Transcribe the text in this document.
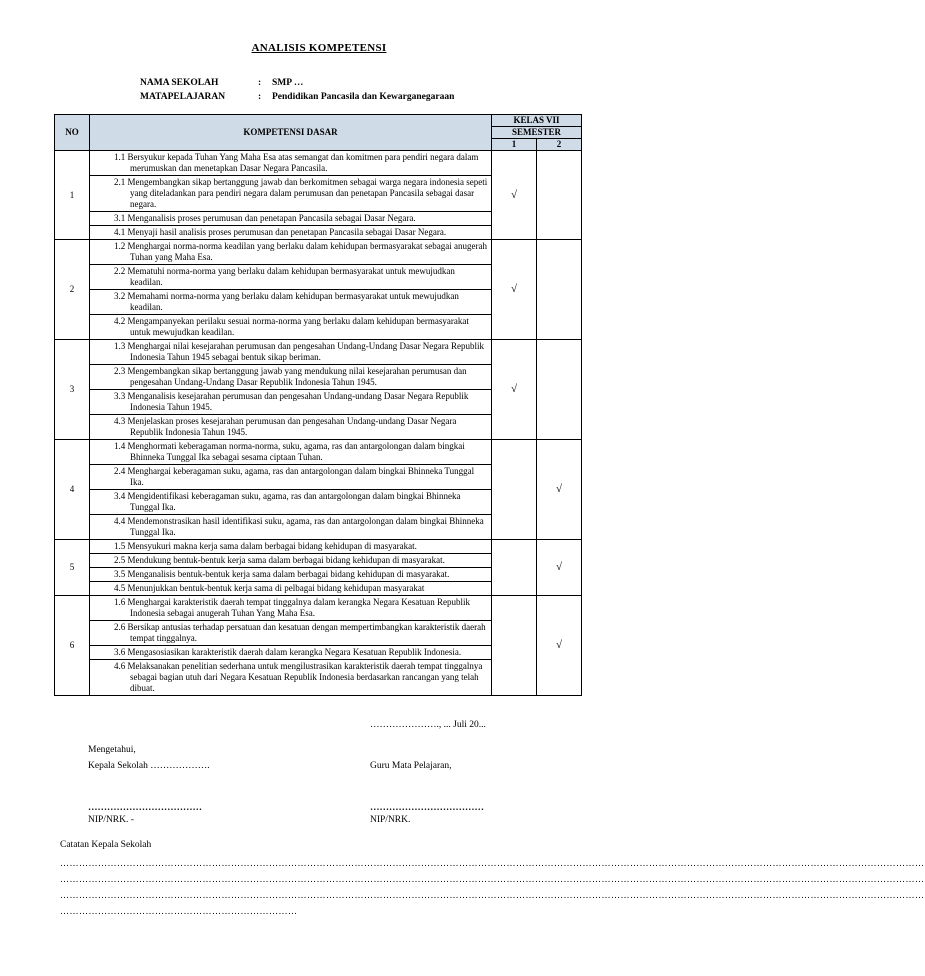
ANALISIS KOMPETENSI
NAMA SEKOLAH	: SMP …
MATAPELAJARAN	: Pendidikan Pancasila dan Kewarganegaraan
NO	KOMPETENSI DASAR	KELAS VII	
		SEMESTER	
		1	2
1	1.1 Bersyukur kepada Tuhan Yang Maha Esa atas semangat dan komitmen para pendiri negara dalam merumuskan dan menetapkan Dasar Negara Pancasila.
2.1 Mengembangkan sikap bertanggung jawab dan berkomitmen sebagai warga negara indonesia sepeti yang diteladankan para pendiri negara dalam perumusan dan penetapan Pancasila sebagai dasar negara.
3.1 Menganalisis proses perumusan dan penetapan Pancasila sebagai Dasar Negara.
4.1 Menyaji hasil analisis proses perumusan dan penetapan Pancasila sebagai Dasar Negara.	√	
2	1.2 Menghargai norma-norma keadilan yang berlaku dalam kehidupan bermasyarakat sebagai anugerah Tuhan yang Maha Esa.
2.2 Mematuhi norma-norma yang berlaku dalam kehidupan bermasyarakat untuk mewujudkan keadilan.
3.2 Memahami norma-norma yang berlaku dalam kehidupan bermasyarakat untuk mewujudkan keadilan.
4.2 Mengampanyekan perilaku sesuai norma-norma yang berlaku dalam kehidupan bermasyarakat untuk mewujudkan keadilan.	√	
3	1.3 Menghargai nilai kesejarahan perumusan dan pengesahan Undang-Undang Dasar Negara Republik Indonesia Tahun 1945 sebagai bentuk sikap beriman.
2.3 Mengembangkan sikap bertanggung jawab yang mendukung nilai kesejarahan perumusan dan pengesahan Undang-Undang Dasar Republik Indonesia Tahun 1945.
3.3 Menganalisis kesejarahan perumusan dan pengesahan Undang-undang Dasar Negara Republik Indonesia Tahun 1945.
4.3 Menjelaskan proses kesejarahan perumusan dan pengesahan Undang-undang Dasar Negara Republik Indonesia Tahun 1945.	√	
4	1.4 Menghormati keberagaman norma-norma, suku, agama, ras dan antargolongan dalam bingkai Bhinneka Tunggal Ika sebagai sesama ciptaan Tuhan.
2.4 Menghargai keberagaman suku, agama, ras dan antargolongan dalam bingkai Bhinneka Tunggal Ika.
3.4 Mengidentifikasi keberagaman suku, agama, ras dan antargolongan dalam bingkai Bhinneka Tunggal Ika.
4.4 Mendemonstrasikan hasil identifikasi suku, agama, ras dan antargolongan dalam bingkai Bhinneka Tunggal Ika.		√
5	1.5 Mensyukuri makna kerja sama dalam berbagai bidang kehidupan di masyarakat.
2.5 Mendukung bentuk-bentuk kerja sama dalam berbagai bidang kehidupan di masyarakat.
3.5 Menganalisis bentuk-bentuk kerja sama dalam berbagai bidang kehidupan di masyarakat.
4.5 Menunjukkan bentuk-bentuk kerja sama di pelbagai bidang kehidupan masyarakat		√
6	1.6 Menghargai karakteristik daerah tempat tinggalnya dalam kerangka Negara Kesatuan Republik Indonesia sebagai anugerah Tuhan Yang Maha Esa.
2.6 Bersikap antusias terhadap persatuan dan kesatuan dengan mempertimbangkan karakteristik daerah tempat tinggalnya.
3.6 Mengasosiasikan karakteristik daerah dalam kerangka Negara Kesatuan Republik Indonesia.
4.6 Melaksanakan penelitian sederhana untuk mengilustrasikan karakteristik daerah tempat tinggalnya sebagai bagian utuh dari Negara Kesatuan Republik Indonesia berdasarkan rancangan yang telah dibuat.		√
…………………., ... Juli 20...
Mengetahui,
Kepala Sekolah ……………….	Guru Mata Pelajaran,
………………………………	………………………………
NIP/NRK. -	NIP/NRK.
Catatan Kepala Sekolah
…………………………………………………………………………………………………………………………………………………………………………………………………………………………………………………
…………………………………………………………………………………………………………………………………………………………………………………………………………………………………………………
…………………………………………………………………………………………………………………………………………………………………………………………………………………………………………………
…………………………………………………………………
